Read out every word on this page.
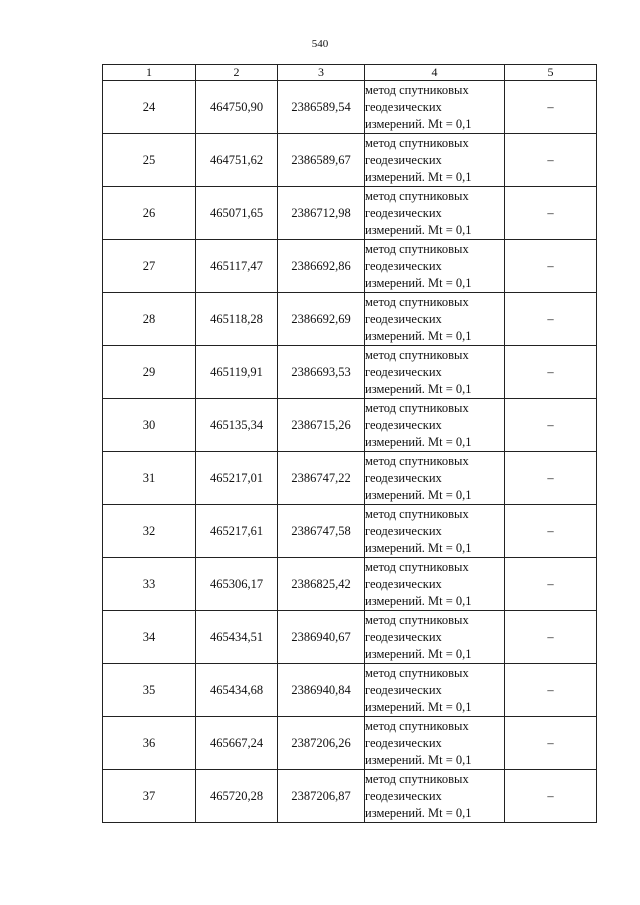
540
1	2	3	4	5
24	464750,90	2386589,54	метод спутниковых
геодезических
измерений. Mt = 0,1	–
25	464751,62	2386589,67	метод спутниковых
геодезических
измерений. Mt = 0,1	–
26	465071,65	2386712,98	метод спутниковых
геодезических
измерений. Mt = 0,1	–
27	465117,47	2386692,86	метод спутниковых
геодезических
измерений. Mt = 0,1	–
28	465118,28	2386692,69	метод спутниковых
геодезических
измерений. Mt = 0,1	–
29	465119,91	2386693,53	метод спутниковых
геодезических
измерений. Mt = 0,1	–
30	465135,34	2386715,26	метод спутниковых
геодезических
измерений. Mt = 0,1	–
31	465217,01	2386747,22	метод спутниковых
геодезических
измерений. Mt = 0,1	–
32	465217,61	2386747,58	метод спутниковых
геодезических
измерений. Mt = 0,1	–
33	465306,17	2386825,42	метод спутниковых
геодезических
измерений. Mt = 0,1	–
34	465434,51	2386940,67	метод спутниковых
геодезических
измерений. Mt = 0,1	–
35	465434,68	2386940,84	метод спутниковых
геодезических
измерений. Mt = 0,1	–
36	465667,24	2387206,26	метод спутниковых
геодезических
измерений. Mt = 0,1	–
37	465720,28	2387206,87	метод спутниковых
геодезических
измерений. Mt = 0,1	–
